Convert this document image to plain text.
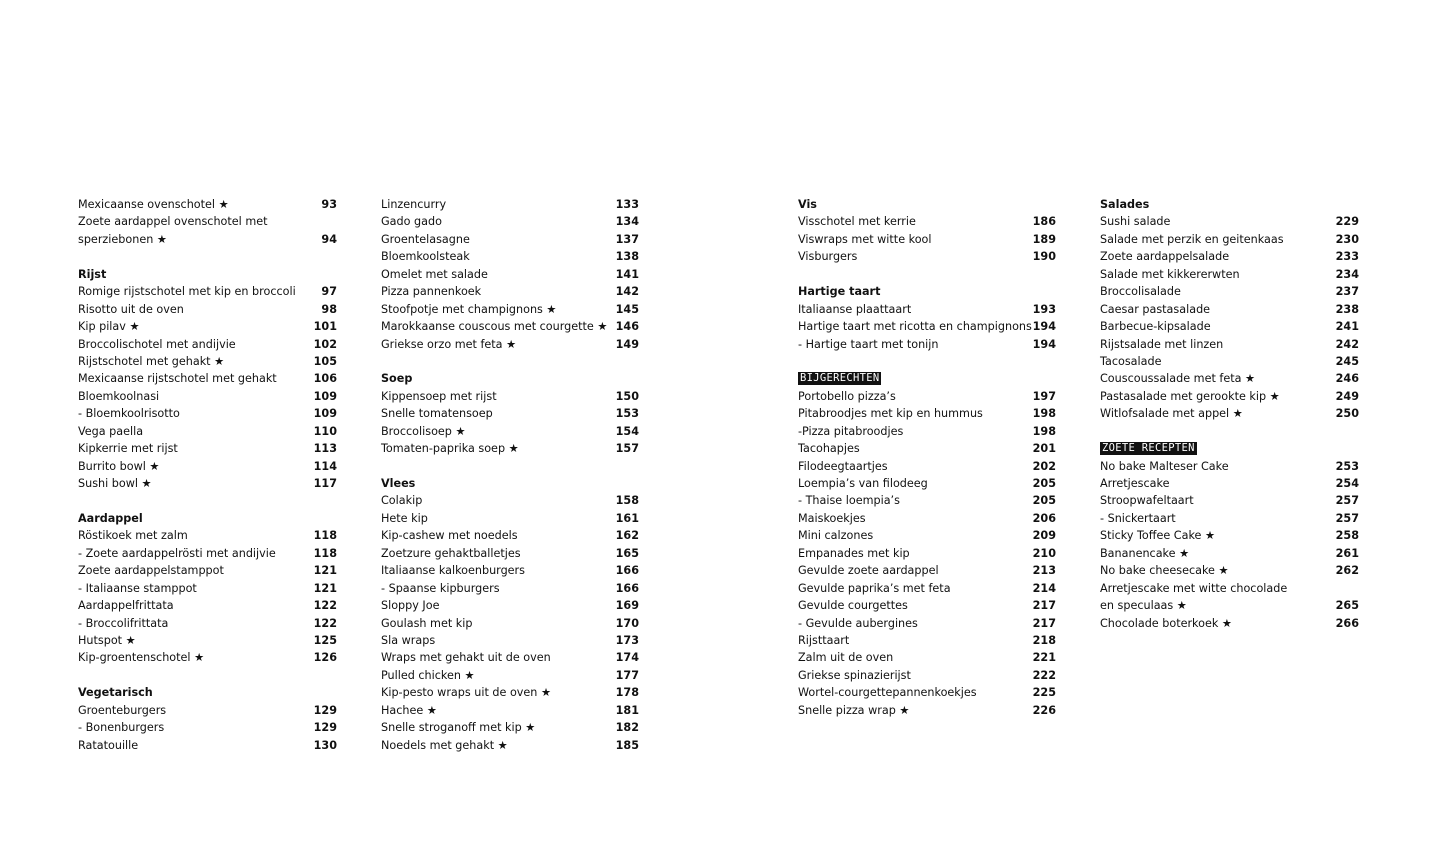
Mexicaanse ovenschotel ★	93
Zoete aardappel ovenschotel met
sperziebonen ★	94
Rijst
Romige rijstschotel met kip en broccoli 97
Risotto uit de oven	98
Kip pilav ★	101
Broccolischotel met andijvie	102
Rijstschotel met gehakt ★	105
Mexicaanse rijstschotel met gehakt	106
Bloemkoolnasi	109
- Bloemkoolrisotto	109
Vega paella	110
Kipkerrie met rijst	113
Burrito bowl ★	114
Sushi bowl ★	117
Aardappel
Röstikoek met zalm	118
- Zoete aardappelrösti met andijvie	118
Zoete aardappelstamppot	121
- Italiaanse stamppot	121
Aardappelfrittata	122
- Broccolifrittata	122
Hutspot ★	125
Kip-groentenschotel ★	126
Vegetarisch
Groenteburgers	129
- Bonenburgers	129
Ratatouille	130
Linzencurry	133
Gado gado	134
Groentelasagne	137
Bloemkoolsteak	138
Omelet met salade	141
Pizza pannenkoek	142
Stoofpotje met champignons ★	145
Marokkaanse couscous met courgette ★ 146
Griekse orzo met feta ★	149
Soep
Kippensoep met rijst	150
Snelle tomatensoep	153
Broccolisoep ★	154
Tomaten-paprika soep ★	157
Vlees
Colakip	158
Hete kip	161
Kip-cashew met noedels	162
Zoetzure gehaktballetjes	165
Italiaanse kalkoenburgers	166
- Spaanse kipburgers	166
Sloppy Joe	169
Goulash met kip	170
Sla wraps	173
Wraps met gehakt uit de oven	174
Pulled chicken ★	177
Kip-pesto wraps uit de oven ★	178
Hachee ★	181
Snelle stroganoff met kip ★	182
Noedels met gehakt ★	185
Vis
Visschotel met kerrie	186
Viswraps met witte kool	189
Visburgers	190
Hartige taart
Italiaanse plaattaart	193
Hartige taart met ricotta en champignons 194
- Hartige taart met tonijn	194
BIJGERECHTEN
Portobello pizza’s	197
Pitabroodjes met kip en hummus	198
-Pizza pitabroodjes	198
Tacohapjes	201
Filodeegtaartjes	202
Loempia’s van filodeeg	205
- Thaise loempia’s	205
Maiskoekjes	206
Mini calzones	209
Empanades met kip	210
Gevulde zoete aardappel	213
Gevulde paprika’s met feta	214
Gevulde courgettes	217
- Gevulde aubergines	217
Rijsttaart	218
Zalm uit de oven	221
Griekse spinazierijst	222
Wortel-courgettepannenkoekjes	225
Snelle pizza wrap ★	226
Salades
Sushi salade	229
Salade met perzik en geitenkaas	230
Zoete aardappelsalade	233
Salade met kikkererwten	234
Broccolisalade	237
Caesar pastasalade	238
Barbecue-kipsalade	241
Rijstsalade met linzen	242
Tacosalade	245
Couscoussalade met feta ★	246
Pastasalade met gerookte kip ★	249
Witlofsalade met appel ★	250
ZOETE RECEPTEN
No bake Malteser Cake	253
Arretjescake	254
Stroopwafeltaart	257
- Snickertaart	257
Sticky Toffee Cake ★	258
Bananencake ★	261
No bake cheesecake ★	262
Arretjescake met witte chocolade
en speculaas ★	265
Chocolade boterkoek ★	266
